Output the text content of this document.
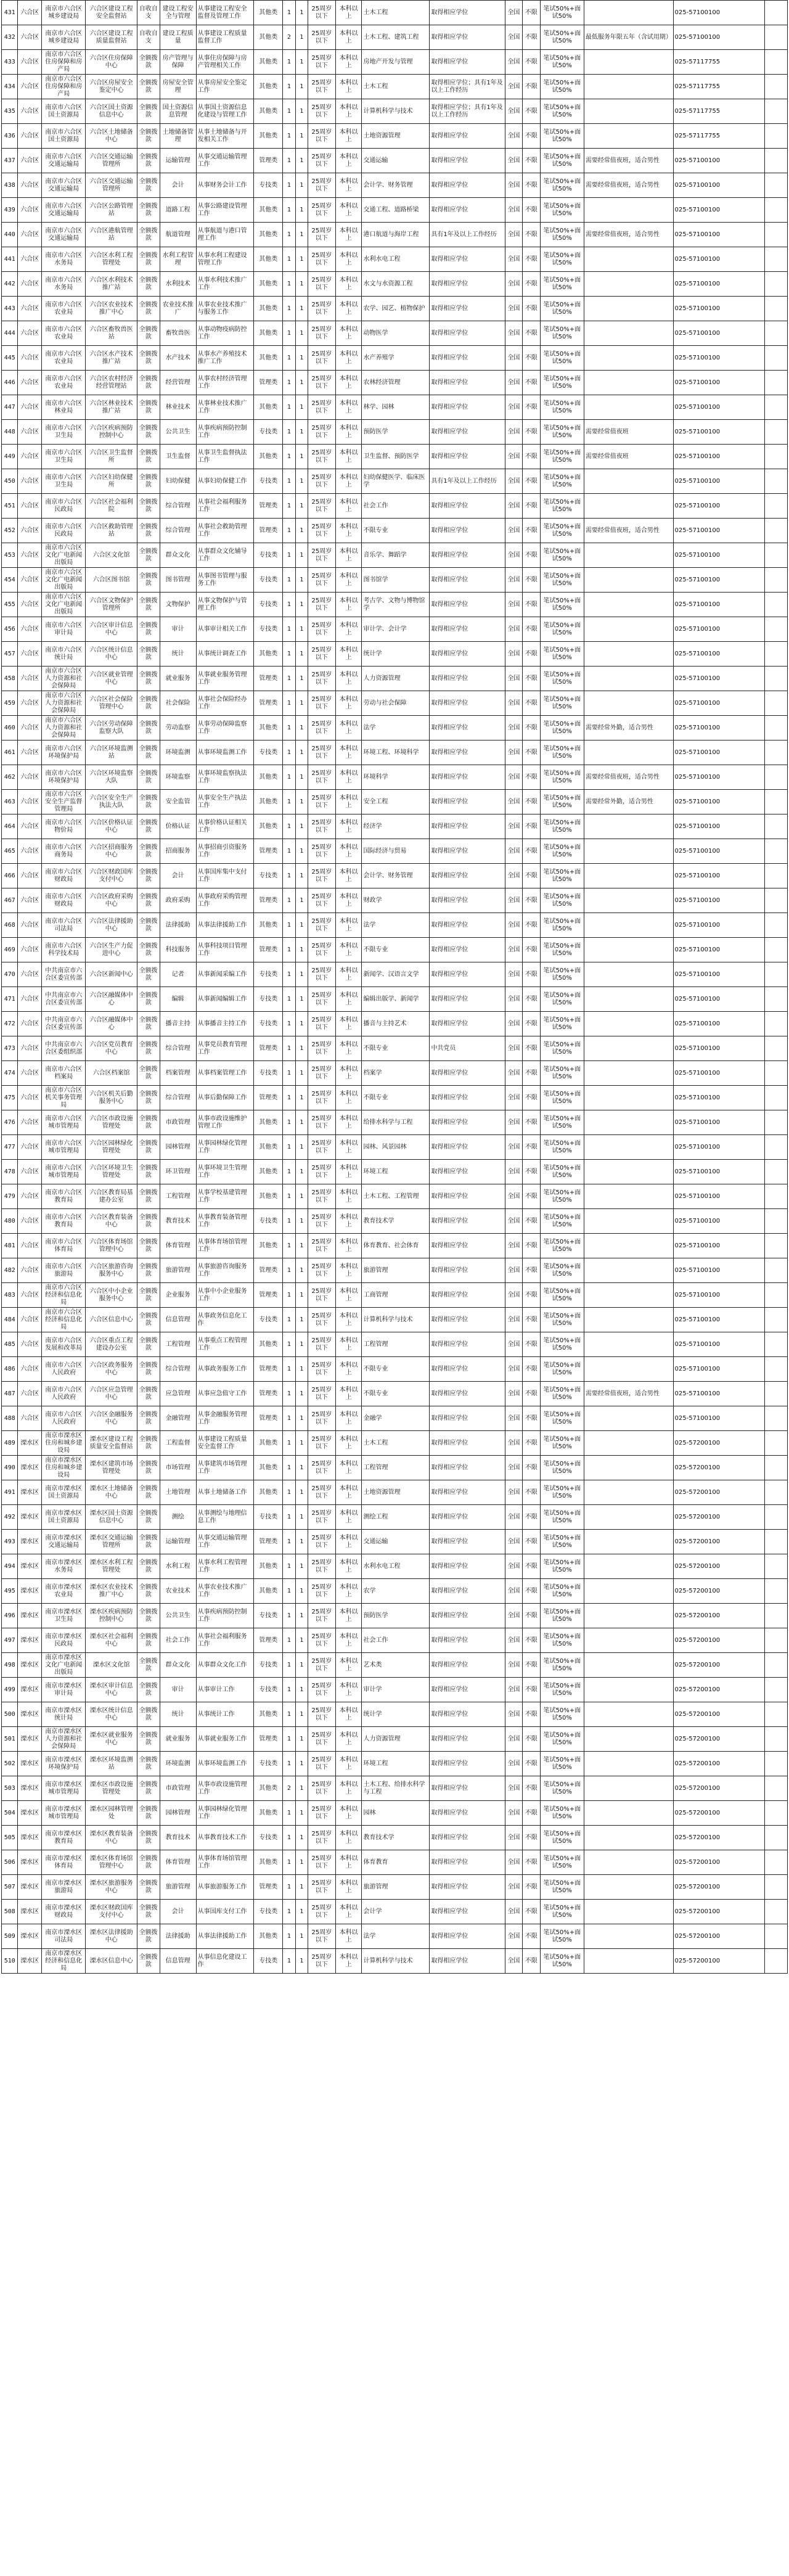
431	六合区	南京市六合区城乡建设局	六合区建设工程安全监督站	自收自支	建设工程安全与管理	从事建设工程安全监督及管理工作	其他类	1	1	25周岁以下	本科以上	土木工程	取得相应学位	全国	不限	笔试50%+面试50%		025-57100100	
432	六合区	南京市六合区城乡建设局	六合区建设工程质量监督站	自收自支	建设工程质量	从事建设工程质量监督工作	其他类	2	1	25周岁以下	本科以上	土木工程、建筑工程	取得相应学位	全国	不限	笔试50%+面试50%	最低服务年限五年（含试用期）	025-57100100	
433	六合区	南京市六合区住房保障和房产局	六合区住房保障中心	全额拨款	房产管理与保障	从事住房保障与房产管理相关工作	其他类	1	1	25周岁以下	本科以上	房地产开发与管理	取得相应学位	全国	不限	笔试50%+面试50%		025-57117755	
434	六合区	南京市六合区住房保障和房产局	六合区房屋安全鉴定中心	全额拨款	房屋安全管理	从事房屋安全鉴定工作	其他类	1	1	25周岁以下	本科以上	土木工程	取得相应学位；具有1年及以上工作经历	全国	不限	笔试50%+面试50%		025-57117755	
435	六合区	南京市六合区国土资源局	六合区国土资源信息中心	全额拨款	国土资源信息管理	从事国土资源信息化建设与管理工作	其他类	1	1	25周岁以下	本科以上	计算机科学与技术	取得相应学位；具有1年及以上工作经历	全国	不限	笔试50%+面试50%		025-57117755	
436	六合区	南京市六合区国土资源局	六合区土地储备中心	全额拨款	土地储备管理	从事土地储备与开发相关工作	其他类	1	1	25周岁以下	本科以上	土地资源管理	取得相应学位	全国	不限	笔试50%+面试50%		025-57117755	
437	六合区	南京市六合区交通运输局	六合区交通运输管理所	全额拨款	运输管理	从事交通运输管理工作	管理类	1	1	25周岁以下	本科以上	交通运输	取得相应学位	全国	不限	笔试50%+面试50%	需要经常值夜班，适合男性	025-57100100	
438	六合区	南京市六合区交通运输局	六合区交通运输管理所	全额拨款	会计	从事财务会计工作	专技类	1	1	25周岁以下	本科以上	会计学、财务管理	取得相应学位	全国	不限	笔试50%+面试50%	需要经常值夜班，适合男性	025-57100100	
439	六合区	南京市六合区交通运输局	六合区公路管理站	全额拨款	道路工程	从事公路建设管理工作	其他类	1	1	25周岁以下	本科以上	交通工程、道路桥梁	取得相应学位	全国	不限	笔试50%+面试50%		025-57100100	
440	六合区	南京市六合区交通运输局	六合区港航管理站	全额拨款	航道管理	从事航道与港口管理工作	其他类	1	1	25周岁以下	本科以上	港口航道与海岸工程	具有1年及以上工作经历	全国	不限	笔试50%+面试50%	需要经常值夜班，适合男性	025-57100100	
441	六合区	南京市六合区水务局	六合区水利工程管理处	全额拨款	水利工程管理	从事水利工程建设管理工作	其他类	1	1	25周岁以下	本科以上	水利水电工程	取得相应学位	全国	不限	笔试50%+面试50%		025-57100100	
442	六合区	南京市六合区水务局	六合区水利技术推广站	全额拨款	水利技术	从事水利技术推广工作	其他类	1	1	25周岁以下	本科以上	水文与水资源工程	取得相应学位	全国	不限	笔试50%+面试50%		025-57100100	
443	六合区	南京市六合区农业局	六合区农业技术推广中心	全额拨款	农业技术推广	从事农业技术推广与服务工作	其他类	1	1	25周岁以下	本科以上	农学、园艺、植物保护	取得相应学位	全国	不限	笔试50%+面试50%		025-57100100	
444	六合区	南京市六合区农业局	六合区畜牧兽医站	全额拨款	畜牧兽医	从事动物疫病防控工作	其他类	1	1	25周岁以下	本科以上	动物医学	取得相应学位	全国	不限	笔试50%+面试50%		025-57100100	
445	六合区	南京市六合区农业局	六合区水产技术推广站	全额拨款	水产技术	从事水产养殖技术推广工作	其他类	1	1	25周岁以下	本科以上	水产养殖学	取得相应学位	全国	不限	笔试50%+面试50%		025-57100100	
446	六合区	南京市六合区农业局	六合区农村经济经营管理站	全额拨款	经营管理	从事农村经济管理工作	管理类	1	1	25周岁以下	本科以上	农林经济管理	取得相应学位	全国	不限	笔试50%+面试50%		025-57100100	
447	六合区	南京市六合区林业局	六合区林业技术推广站	全额拨款	林业技术	从事林业技术推广工作	其他类	1	1	25周岁以下	本科以上	林学、园林	取得相应学位	全国	不限	笔试50%+面试50%		025-57100100	
448	六合区	南京市六合区卫生局	六合区疾病预防控制中心	全额拨款	公共卫生	从事疾病预防控制工作	专技类	1	1	25周岁以下	本科以上	预防医学	取得相应学位	全国	不限	笔试50%+面试50%	需要经常值夜班	025-57100100	
449	六合区	南京市六合区卫生局	六合区卫生监督所	全额拨款	卫生监督	从事卫生监督执法工作	其他类	1	1	25周岁以下	本科以上	卫生监督、预防医学	取得相应学位	全国	不限	笔试50%+面试50%	需要经常值夜班	025-57100100	
450	六合区	南京市六合区卫生局	六合区妇幼保健所	全额拨款	妇幼保健	从事妇幼保健工作	专技类	1	1	25周岁以下	本科以上	妇幼保健医学、临床医学	具有1年及以上工作经历	全国	不限	笔试50%+面试50%		025-57100100	
451	六合区	南京市六合区民政局	六合区社会福利院	全额拨款	综合管理	从事社会福利服务工作	管理类	1	1	25周岁以下	本科以上	社会工作	取得相应学位	全国	不限	笔试50%+面试50%		025-57100100	
452	六合区	南京市六合区民政局	六合区救助管理站	全额拨款	综合管理	从事社会救助管理工作	管理类	1	1	25周岁以下	本科以上	不限专业	取得相应学位	全国	不限	笔试50%+面试50%	需要经常值夜班，适合男性	025-57100100	
453	六合区	南京市六合区文化广电新闻出版局	六合区文化馆	全额拨款	群众文化	从事群众文化辅导工作	专技类	1	1	25周岁以下	本科以上	音乐学、舞蹈学	取得相应学位	全国	不限	笔试50%+面试50%		025-57100100	
454	六合区	南京市六合区文化广电新闻出版局	六合区图书馆	全额拨款	图书管理	从事图书管理与服务工作	专技类	1	1	25周岁以下	本科以上	图书馆学	取得相应学位	全国	不限	笔试50%+面试50%		025-57100100	
455	六合区	南京市六合区文化广电新闻出版局	六合区文物保护管理所	全额拨款	文物保护	从事文物保护与管理工作	专技类	1	1	25周岁以下	本科以上	考古学、文物与博物馆学	取得相应学位	全国	不限	笔试50%+面试50%		025-57100100	
456	六合区	南京市六合区审计局	六合区审计信息中心	全额拨款	审计	从事审计相关工作	专技类	1	1	25周岁以下	本科以上	审计学、会计学	取得相应学位	全国	不限	笔试50%+面试50%		025-57100100	
457	六合区	南京市六合区统计局	六合区统计信息中心	全额拨款	统计	从事统计调查工作	其他类	1	1	25周岁以下	本科以上	统计学	取得相应学位	全国	不限	笔试50%+面试50%		025-57100100	
458	六合区	南京市六合区人力资源和社会保障局	六合区就业管理中心	全额拨款	就业服务	从事就业服务管理工作	管理类	1	1	25周岁以下	本科以上	人力资源管理	取得相应学位	全国	不限	笔试50%+面试50%		025-57100100	
459	六合区	南京市六合区人力资源和社会保障局	六合区社会保险管理中心	全额拨款	社会保险	从事社会保险经办工作	管理类	1	1	25周岁以下	本科以上	劳动与社会保障	取得相应学位	全国	不限	笔试50%+面试50%		025-57100100	
460	六合区	南京市六合区人力资源和社会保障局	六合区劳动保障监察大队	全额拨款	劳动监察	从事劳动保障监察工作	其他类	1	1	25周岁以下	本科以上	法学	取得相应学位	全国	不限	笔试50%+面试50%	需要经常外勤，适合男性	025-57100100	
461	六合区	南京市六合区环境保护局	六合区环境监测站	全额拨款	环境监测	从事环境监测工作	专技类	1	1	25周岁以下	本科以上	环境工程、环境科学	取得相应学位	全国	不限	笔试50%+面试50%		025-57100100	
462	六合区	南京市六合区环境保护局	六合区环境监察大队	全额拨款	环境监察	从事环境监察执法工作	其他类	1	1	25周岁以下	本科以上	环境科学	取得相应学位	全国	不限	笔试50%+面试50%	需要经常值夜班，适合男性	025-57100100	
463	六合区	南京市六合区安全生产监督管理局	六合区安全生产执法大队	全额拨款	安全监管	从事安全生产执法工作	其他类	1	1	25周岁以下	本科以上	安全工程	取得相应学位	全国	不限	笔试50%+面试50%	需要经常外勤，适合男性	025-57100100	
464	六合区	南京市六合区物价局	六合区价格认证中心	全额拨款	价格认证	从事价格认证相关工作	其他类	1	1	25周岁以下	本科以上	经济学	取得相应学位	全国	不限	笔试50%+面试50%		025-57100100	
465	六合区	南京市六合区商务局	六合区招商服务中心	全额拨款	招商服务	从事招商引资服务工作	管理类	1	1	25周岁以下	本科以上	国际经济与贸易	取得相应学位	全国	不限	笔试50%+面试50%		025-57100100	
466	六合区	南京市六合区财政局	六合区财政国库支付中心	全额拨款	会计	从事国库集中支付工作	专技类	1	1	25周岁以下	本科以上	会计学、财务管理	取得相应学位	全国	不限	笔试50%+面试50%		025-57100100	
467	六合区	南京市六合区财政局	六合区政府采购中心	全额拨款	政府采购	从事政府采购管理工作	管理类	1	1	25周岁以下	本科以上	财政学	取得相应学位	全国	不限	笔试50%+面试50%		025-57100100	
468	六合区	南京市六合区司法局	六合区法律援助中心	全额拨款	法律援助	从事法律援助工作	其他类	1	1	25周岁以下	本科以上	法学	取得相应学位	全国	不限	笔试50%+面试50%		025-57100100	
469	六合区	南京市六合区科学技术局	六合区生产力促进中心	全额拨款	科技服务	从事科技项目管理工作	管理类	1	1	25周岁以下	本科以上	不限专业	取得相应学位	全国	不限	笔试50%+面试50%		025-57100100	
470	六合区	中共南京市六合区委宣传部	六合区新闻中心	全额拨款	记者	从事新闻采编工作	专技类	1	1	25周岁以下	本科以上	新闻学、汉语言文学	取得相应学位	全国	不限	笔试50%+面试50%		025-57100100	
471	六合区	中共南京市六合区委宣传部	六合区融媒体中心	全额拨款	编辑	从事新闻编辑工作	专技类	1	1	25周岁以下	本科以上	编辑出版学、新闻学	取得相应学位	全国	不限	笔试50%+面试50%		025-57100100	
472	六合区	中共南京市六合区委宣传部	六合区融媒体中心	全额拨款	播音主持	从事播音主持工作	专技类	1	1	25周岁以下	本科以上	播音与主持艺术	取得相应学位	全国	不限	笔试50%+面试50%		025-57100100	
473	六合区	中共南京市六合区委组织部	六合区党员教育中心	全额拨款	综合管理	从事党员教育管理工作	管理类	1	1	25周岁以下	本科以上	不限专业	中共党员	全国	不限	笔试50%+面试50%		025-57100100	
474	六合区	南京市六合区档案局	六合区档案馆	全额拨款	档案管理	从事档案管理工作	专技类	1	1	25周岁以下	本科以上	档案学	取得相应学位	全国	不限	笔试50%+面试50%		025-57100100	
475	六合区	南京市六合区机关事务管理局	六合区机关后勤服务中心	全额拨款	综合管理	从事后勤保障工作	管理类	1	1	25周岁以下	本科以上	不限专业	取得相应学位	全国	不限	笔试50%+面试50%		025-57100100	
476	六合区	南京市六合区城市管理局	六合区市政设施管理处	全额拨款	市政管理	从事市政设施维护管理工作	其他类	1	1	25周岁以下	本科以上	给排水科学与工程	取得相应学位	全国	不限	笔试50%+面试50%		025-57100100	
477	六合区	南京市六合区城市管理局	六合区园林绿化管理处	全额拨款	园林管理	从事园林绿化管理工作	其他类	1	1	25周岁以下	本科以上	园林、风景园林	取得相应学位	全国	不限	笔试50%+面试50%		025-57100100	
478	六合区	南京市六合区城市管理局	六合区环境卫生管理处	全额拨款	环卫管理	从事环境卫生管理工作	其他类	1	1	25周岁以下	本科以上	环境工程	取得相应学位	全国	不限	笔试50%+面试50%		025-57100100	
479	六合区	南京市六合区教育局	六合区教育局基建办公室	全额拨款	工程管理	从事学校基建管理工作	其他类	1	1	25周岁以下	本科以上	土木工程、工程管理	取得相应学位	全国	不限	笔试50%+面试50%		025-57100100	
480	六合区	南京市六合区教育局	六合区教育装备中心	全额拨款	教育技术	从事教育装备管理工作	专技类	1	1	25周岁以下	本科以上	教育技术学	取得相应学位	全国	不限	笔试50%+面试50%		025-57100100	
481	六合区	南京市六合区体育局	六合区体育场馆管理中心	全额拨款	体育管理	从事体育场馆管理工作	其他类	1	1	25周岁以下	本科以上	体育教育、社会体育	取得相应学位	全国	不限	笔试50%+面试50%		025-57100100	
482	六合区	南京市六合区旅游局	六合区旅游咨询服务中心	全额拨款	旅游管理	从事旅游咨询服务工作	管理类	1	1	25周岁以下	本科以上	旅游管理	取得相应学位	全国	不限	笔试50%+面试50%		025-57100100	
483	六合区	南京市六合区经济和信息化局	六合区中小企业服务中心	全额拨款	企业服务	从事中小企业服务工作	管理类	1	1	25周岁以下	本科以上	工商管理	取得相应学位	全国	不限	笔试50%+面试50%		025-57100100	
484	六合区	南京市六合区经济和信息化局	六合区信息中心	全额拨款	信息管理	从事政务信息化工作	专技类	1	1	25周岁以下	本科以上	计算机科学与技术	取得相应学位	全国	不限	笔试50%+面试50%		025-57100100	
485	六合区	南京市六合区发展和改革局	六合区重点工程建设办公室	全额拨款	工程管理	从事重点工程管理工作	其他类	1	1	25周岁以下	本科以上	工程管理	取得相应学位	全国	不限	笔试50%+面试50%		025-57100100	
486	六合区	南京市六合区人民政府	六合区政务服务中心	全额拨款	综合管理	从事政务服务工作	管理类	1	1	25周岁以下	本科以上	不限专业	取得相应学位	全国	不限	笔试50%+面试50%		025-57100100	
487	六合区	南京市六合区人民政府	六合区应急管理中心	全额拨款	应急管理	从事应急值守工作	管理类	1	1	25周岁以下	本科以上	不限专业	取得相应学位	全国	不限	笔试50%+面试50%	需要经常值夜班，适合男性	025-57100100	
488	六合区	南京市六合区人民政府	六合区金融服务中心	全额拨款	金融管理	从事金融服务管理工作	管理类	1	1	25周岁以下	本科以上	金融学	取得相应学位	全国	不限	笔试50%+面试50%		025-57100100	
489	溧水区	南京市溧水区住房和城乡建设局	溧水区建设工程质量安全监督站	全额拨款	工程监督	从事建设工程质量安全监督工作	其他类	1	1	25周岁以下	本科以上	土木工程	取得相应学位	全国	不限	笔试50%+面试50%		025-57200100	
490	溧水区	南京市溧水区住房和城乡建设局	溧水区建筑市场管理处	全额拨款	市场管理	从事建筑市场管理工作	其他类	1	1	25周岁以下	本科以上	工程管理	取得相应学位	全国	不限	笔试50%+面试50%		025-57200100	
491	溧水区	南京市溧水区国土资源局	溧水区土地储备中心	全额拨款	土地管理	从事土地储备工作	其他类	1	1	25周岁以下	本科以上	土地资源管理	取得相应学位	全国	不限	笔试50%+面试50%		025-57200100	
492	溧水区	南京市溧水区国土资源局	溧水区国土资源信息中心	全额拨款	测绘	从事测绘与地理信息工作	专技类	1	1	25周岁以下	本科以上	测绘工程	取得相应学位	全国	不限	笔试50%+面试50%		025-57200100	
493	溧水区	南京市溧水区交通运输局	溧水区交通运输管理所	全额拨款	运输管理	从事交通运输管理工作	管理类	1	1	25周岁以下	本科以上	交通运输	取得相应学位	全国	不限	笔试50%+面试50%		025-57200100	
494	溧水区	南京市溧水区水务局	溧水区水利工程管理处	全额拨款	水利工程	从事水利工程管理工作	其他类	1	1	25周岁以下	本科以上	水利水电工程	取得相应学位	全国	不限	笔试50%+面试50%		025-57200100	
495	溧水区	南京市溧水区农业局	溧水区农业技术推广中心	全额拨款	农业技术	从事农业技术推广工作	其他类	1	1	25周岁以下	本科以上	农学	取得相应学位	全国	不限	笔试50%+面试50%		025-57200100	
496	溧水区	南京市溧水区卫生局	溧水区疾病预防控制中心	全额拨款	公共卫生	从事疾病预防控制工作	专技类	1	1	25周岁以下	本科以上	预防医学	取得相应学位	全国	不限	笔试50%+面试50%		025-57200100	
497	溧水区	南京市溧水区民政局	溧水区社会福利中心	全额拨款	社会工作	从事社会福利服务工作	管理类	1	1	25周岁以下	本科以上	社会工作	取得相应学位	全国	不限	笔试50%+面试50%		025-57200100	
498	溧水区	南京市溧水区文化广电新闻出版局	溧水区文化馆	全额拨款	群众文化	从事群众文化工作	专技类	1	1	25周岁以下	本科以上	艺术类	取得相应学位	全国	不限	笔试50%+面试50%		025-57200100	
499	溧水区	南京市溧水区审计局	溧水区审计信息中心	全额拨款	审计	从事审计工作	专技类	1	1	25周岁以下	本科以上	审计学	取得相应学位	全国	不限	笔试50%+面试50%		025-57200100	
500	溧水区	南京市溧水区统计局	溧水区统计信息中心	全额拨款	统计	从事统计工作	其他类	1	1	25周岁以下	本科以上	统计学	取得相应学位	全国	不限	笔试50%+面试50%		025-57200100	
501	溧水区	南京市溧水区人力资源和社会保障局	溧水区就业服务中心	全额拨款	就业服务	从事就业服务工作	管理类	1	1	25周岁以下	本科以上	人力资源管理	取得相应学位	全国	不限	笔试50%+面试50%		025-57200100	
502	溧水区	南京市溧水区环境保护局	溧水区环境监测站	全额拨款	环境监测	从事环境监测工作	专技类	1	1	25周岁以下	本科以上	环境工程	取得相应学位	全国	不限	笔试50%+面试50%		025-57200100	
503	溧水区	南京市溧水区城市管理局	溧水区市政设施管理处	全额拨款	市政管理	从事市政设施管理工作	其他类	2	1	25周岁以下	本科以上	土木工程、给排水科学与工程	取得相应学位	全国	不限	笔试50%+面试50%		025-57200100	
504	溧水区	南京市溧水区城市管理局	溧水区园林管理处	全额拨款	园林管理	从事园林绿化管理工作	其他类	1	1	25周岁以下	本科以上	园林	取得相应学位	全国	不限	笔试50%+面试50%		025-57200100	
505	溧水区	南京市溧水区教育局	溧水区教育装备中心	全额拨款	教育技术	从事教育技术工作	专技类	1	1	25周岁以下	本科以上	教育技术学	取得相应学位	全国	不限	笔试50%+面试50%		025-57200100	
506	溧水区	南京市溧水区体育局	溧水区体育场馆管理中心	全额拨款	体育管理	从事体育场馆管理工作	其他类	1	1	25周岁以下	本科以上	体育教育	取得相应学位	全国	不限	笔试50%+面试50%		025-57200100	
507	溧水区	南京市溧水区旅游局	溧水区旅游服务中心	全额拨款	旅游管理	从事旅游服务工作	管理类	1	1	25周岁以下	本科以上	旅游管理	取得相应学位	全国	不限	笔试50%+面试50%		025-57200100	
508	溧水区	南京市溧水区财政局	溧水区财政国库支付中心	全额拨款	会计	从事国库支付工作	专技类	1	1	25周岁以下	本科以上	会计学	取得相应学位	全国	不限	笔试50%+面试50%		025-57200100	
509	溧水区	南京市溧水区司法局	溧水区法律援助中心	全额拨款	法律援助	从事法律援助工作	其他类	1	1	25周岁以下	本科以上	法学	取得相应学位	全国	不限	笔试50%+面试50%		025-57200100	
510	溧水区	南京市溧水区经济和信息化局	溧水区信息中心	全额拨款	信息管理	从事信息化建设工作	专技类	1	1	25周岁以下	本科以上	计算机科学与技术	取得相应学位	全国	不限	笔试50%+面试50%		025-57200100	
